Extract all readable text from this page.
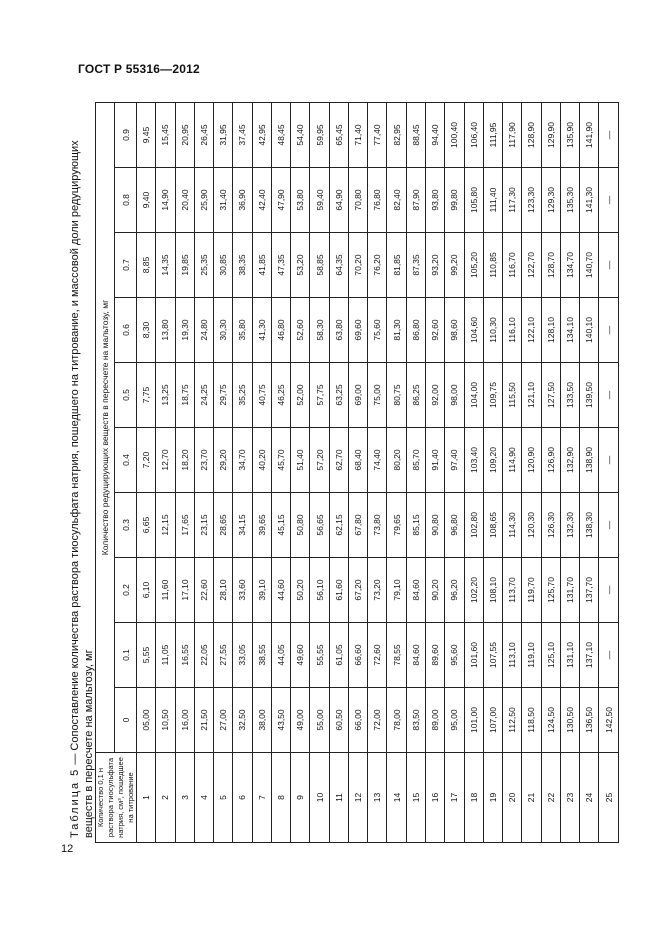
ГОСТ Р 55316—2012
Таблица 5 — Сопоставление количества раствора тиосульфата натрия, пошедшего на титрование, и массовой доли редуцирующих веществ в пересчете на мальтозу, мг Количество 0,1 н раствора тиосульфата натрия, см³, пошедшее на титрование	Количество редуцирующих веществ в пересчете на мальтозу, мг									
	0	0.1	0.2	0.3	0.4	0.5	0.6	0.7	0.8	0.9
1	05,00	5,55	6,10	6,65	7,20	7,75	8,30	8,85	9,40	9,45
2	10,50	11,05	11,60	12,15	12,70	13,25	13,80	14,35	14,90	15,45
3	16,00	16,55	17,10	17,65	18,20	18,75	19,30	19,85	20,40	20,95
4	21,50	22,05	22,60	23,15	23,70	24,25	24,80	25,35	25,90	26,45
5	27,00	27,55	28,10	28,65	29,20	29,75	30,30	30,85	31,40	31,95
6	32,50	33,05	33,60	34,15	34,70	35,25	35,80	38,35	36,90	37,45
7	38,00	38,55	39,10	39,65	40,20	40,75	41,30	41,85	42,40	42,95
8	43,50	44,05	44,60	45,15	45,70	46,25	46,80	47,35	47,90	48,45
9	49,00	49,60	50,20	50,80	51,40	52,00	52,60	53,20	53,80	54,40
10	55,00	55,55	56,10	56,65	57,20	57,75	58,30	58,85	59,40	59,95
11	60,50	61,05	61,60	62,15	62,70	63,25	63,80	64,35	64,90	65,45
12	66,00	66,60	67,20	67,80	68,40	69,00	69,60	70,20	70,80	71,40
13	72,00	72,60	73,20	73,80	74,40	75,00	75,60	76,20	76,80	77,40
14	78,00	78,55	79,10	79,65	80,20	80,75	81,30	81,85	82,40	82,95
15	83,50	84,60	84,60	85,15	85,70	86,25	86,80	87,35	87,90	88,45
16	89,00	89,60	90,20	90,80	91,40	92,00	92,60	93,20	93,80	94,40
17	95,00	95,60	96,20	96,80	97,40	98,00	98,60	99,20	99,80	100,40
18	101,00	101,60	102,20	102,80	103,40	104,00	104,60	105,20	105,80	106,40
19	107,00	107,55	108,10	108,65	109,20	109,75	110,30	110,85	111,40	111,95
20	112,50	113,10	113,70	114,30	114,90	115,50	116,10	116,70	117,30	117,90
21	118,50	119,10	119,70	120,30	120,90	121,10	122,10	122,70	123,30	128,90
22	124,50	125,10	125,70	126,30	126,90	127,50	128,10	128,70	129,30	129,90
23	130,50	131,10	131,70	132,30	132,90	133,50	134,10	134,70	135,30	135,90
24	136,50	137,10	137,70	138,30	138,90	139,50	140,10	140,70	141,30	141,90
25	142,50	—	—	—	—	—	—	—	—	—
12
